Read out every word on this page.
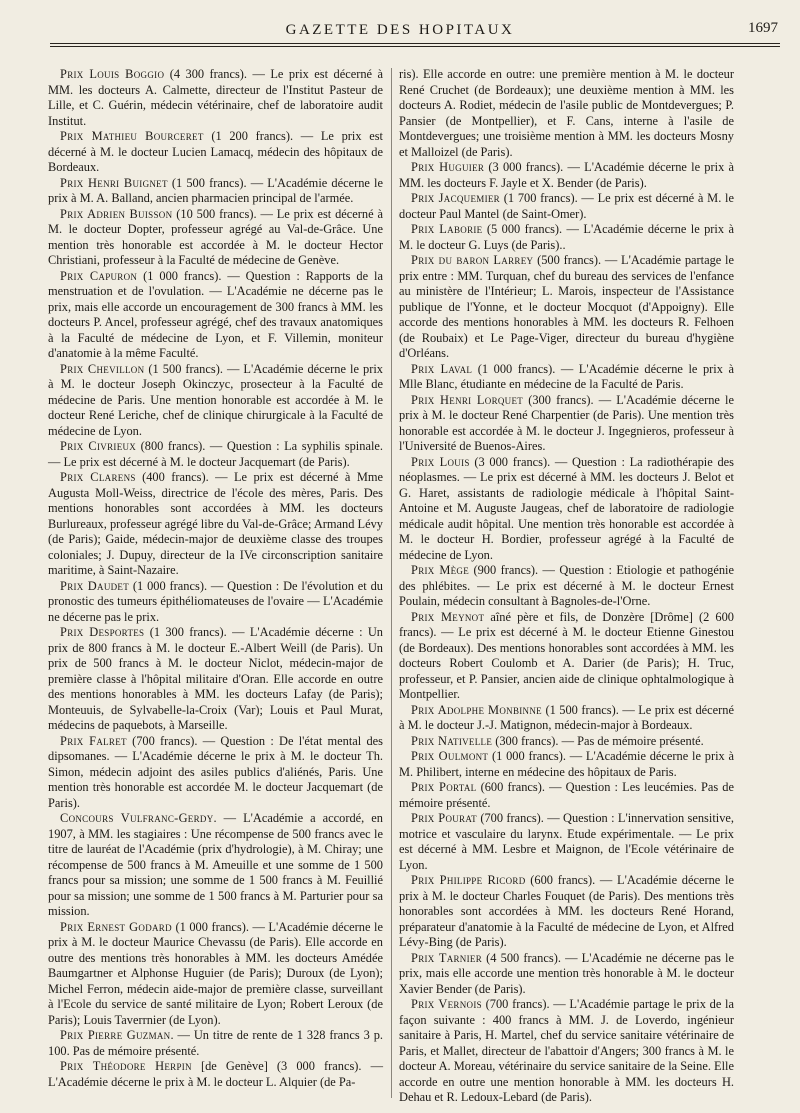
GAZETTE DES HOPITAUX	1697

Prix Louis Boggio (4 300 francs). — Le prix est décerné à MM. les docteurs A. Calmette, directeur de l'Institut Pasteur de Lille, et C. Guérin, médecin vétérinaire, chef de laboratoire audit Institut.

Prix Mathieu Bourceret (1 200 francs). — Le prix est décerné à M. le docteur Lucien Lamacq, médecin des hôpitaux de Bordeaux.

Prix Henri Buignet (1 500 francs). — L'Académie décerne le prix à M. A. Balland, ancien pharmacien principal de l'armée.

Prix Adrien Buisson (10 500 francs). — Le prix est décerné à M. le docteur Dopter, professeur agrégé au Val-de-Grâce. Une mention très honorable est accordée à M. le docteur Hector Christiani, professeur à la Faculté de médecine de Genève.

Prix Capuron (1 000 francs). — Question : Rapports de la menstruation et de l'ovulation. — L'Académie ne décerne pas le prix, mais elle accorde un encouragement de 300 francs à MM. les docteurs P. Ancel, professeur agrégé, chef des travaux anatomiques à la Faculté de médecine de Lyon, et F. Villemin, moniteur d'anatomie à la même Faculté.

Prix Chevillon (1 500 francs). — L'Académie décerne le prix à M. le docteur Joseph Okinczyc, prosecteur à la Faculté de médecine de Paris. Une mention honorable est accordée à M. le docteur René Leriche, chef de clinique chirurgicale à la Faculté de médecine de Lyon.

Prix Civrieux (800 francs). — Question : La syphilis spinale. — Le prix est décerné à M. le docteur Jacquemart (de Paris).

Prix Clarens (400 francs). — Le prix est décerné à Mme Augusta Moll-Weiss, directrice de l'école des mères, Paris. Des mentions honorables sont accordées à MM. les docteurs Burlureaux, professeur agrégé libre du Val-de-Grâce; Armand Lévy (de Paris); Gaide, médecin-major de deuxième classe des troupes coloniales; J. Dupuy, directeur de la IVe circonscription sanitaire maritime, à Saint-Nazaire.

Prix Daudet (1 000 francs). — Question : De l'évolution et du pronostic des tumeurs épithéliomateuses de l'ovaire — L'Académie ne décerne pas le prix.

Prix Desportes (1 300 francs). — L'Académie décerne : Un prix de 800 francs à M. le docteur E.-Albert Weill (de Paris). Un prix de 500 francs à M. le docteur Niclot, médecin-major de première classe à l'hôpital militaire d'Oran. Elle accorde en outre des mentions honorables à MM. les docteurs Lafay (de Paris); Monteuuis, de Sylvabelle-la-Croix (Var); Louis et Paul Murat, médecins de paquebots, à Marseille.

Prix Falret (700 francs). — Question : De l'état mental des dipsomanes. — L'Académie décerne le prix à M. le docteur Th. Simon, médecin adjoint des asiles publics d'aliénés, Paris. Une mention très honorable est accordée M. le docteur Jacquemart (de Paris).

Concours Vulfranc-Gerdy. — L'Académie a accordé, en 1907, à MM. les stagiaires : Une récompense de 500 francs avec le titre de lauréat de l'Académie (prix d'hydrologie), à M. Chiray; une récompense de 500 francs à M. Ameuille et une somme de 1 500 francs pour sa mission; une somme de 1 500 francs à M. Feuillié pour sa mission; une somme de 1 500 francs à M. Parturier pour sa mission.

Prix Ernest Godard (1 000 francs). — L'Académie décerne le prix à M. le docteur Maurice Chevassu (de Paris). Elle accorde en outre des mentions très honorables à MM. les docteurs Amédée Baumgartner et Alphonse Huguier (de Paris); Duroux (de Lyon); Michel Ferron, médecin aide-major de première classe, surveillant à l'Ecole du service de santé militaire de Lyon; Robert Leroux (de Paris); Louis Taverrnier (de Lyon).

Prix Pierre Guzman. — Un titre de rente de 1 328 francs 3 p. 100. Pas de mémoire présenté.

Prix Théodore Herpin [de Genève] (3 000 francs). — L'Académie décerne le prix à M. le docteur L. Alquier (de Pa-

ris). Elle accorde en outre: une première mention à M. le docteur René Cruchet (de Bordeaux); une deuxième mention à MM. les docteurs A. Rodiet, médecin de l'asile public de Montdevergues; P. Pansier (de Montpellier), et F. Cans, interne à l'asile de Montdevergues; une troisième mention à MM. les docteurs Mosny et Malloizel (de Paris).

Prix Huguier (3 000 francs). — L'Académie décerne le prix à MM. les docteurs F. Jayle et X. Bender (de Paris).

Prix Jacquemier (1 700 francs). — Le prix est décerné à M. le docteur Paul Mantel (de Saint-Omer).

Prix Laborie (5 000 francs). — L'Académie décerne le prix à M. le docteur G. Luys (de Paris)..

Prix du baron Larrey (500 francs). — L'Académie partage le prix entre : MM. Turquan, chef du bureau des services de l'enfance au ministère de l'Intérieur; L. Marois, inspecteur de l'Assistance publique de l'Yonne, et le docteur Mocquot (d'Appoigny). Elle accorde des mentions honorables à MM. les docteurs R. Felhoen (de Roubaix) et Le Page-Viger, directeur du bureau d'hygiène d'Orléans.

Prix Laval (1 000 francs). — L'Académie décerne le prix à Mlle Blanc, étudiante en médecine de la Faculté de Paris.

Prix Henri Lorquet (300 francs). — L'Académie décerne le prix à M. le docteur René Charpentier (de Paris). Une mention très honorable est accordée à M. le docteur J. Ingegnieros, professeur à l'Université de Buenos-Aires.

Prix Louis (3 000 francs). — Question : La radiothérapie des néoplasmes. — Le prix est décerné à MM. les docteurs J. Belot et G. Haret, assistants de radiologie médicale à l'hôpital Saint-Antoine et M. Auguste Jaugeas, chef de laboratoire de radiologie médicale audit hôpital. Une mention très honorable est accordée à M. le docteur H. Bordier, professeur agrégé à la Faculté de médecine de Lyon.

Prix Mège (900 francs). — Question : Etiologie et pathogénie des phlébites. — Le prix est décerné à M. le docteur Ernest Poulain, médecin consultant à Bagnoles-de-l'Orne.

Prix Meynot aîné père et fils, de Donzère [Drôme] (2 600 francs). — Le prix est décerné à M. le docteur Etienne Ginestou (de Bordeaux). Des mentions honorables sont accordées à MM. les docteurs Robert Coulomb et A. Darier (de Paris); H. Truc, professeur, et P. Pansier, ancien aide de clinique ophtalmologique à Montpellier.

Prix Adolphe Monbinne (1 500 francs). — Le prix est décerné à M. le docteur J.-J. Matignon, médecin-major à Bordeaux.

Prix Nativelle (300 francs). — Pas de mémoire présenté.

Prix Oulmont (1 000 francs). — L'Académie décerne le prix à M. Philibert, interne en médecine des hôpitaux de Paris.

Prix Portal (600 francs). — Question : Les leucémies. Pas de mémoire présenté.

Prix Pourat (700 francs). — Question : L'innervation sensitive, motrice et vasculaire du larynx. Etude expérimentale. — Le prix est décerné à MM. Lesbre et Maignon, de l'Ecole vétérinaire de Lyon.

Prix Philippe Ricord (600 francs). — L'Académie décerne le prix à M. le docteur Charles Fouquet (de Paris). Des mentions très honorables sont accordées à MM. les docteurs René Horand, préparateur d'anatomie à la Faculté de médecine de Lyon, et Alfred Lévy-Bing (de Paris).

Prix Tarnier (4 500 francs). — L'Académie ne décerne pas le prix, mais elle accorde une mention très honorable à M. le docteur Xavier Bender (de Paris).

Prix Vernois (700 francs). — L'Académie partage le prix de la façon suivante : 400 francs à MM. J. de Loverdo, ingénieur sanitaire à Paris, H. Martel, chef du service sanitaire vétérinaire de Paris, et Mallet, directeur de l'abattoir d'Angers; 300 francs à M. le docteur A. Moreau, vétérinaire du service sanitaire de la Seine. Elle accorde en outre une mention honorable à MM. les docteurs H. Dehau et R. Ledoux-Lebard (de Paris).
